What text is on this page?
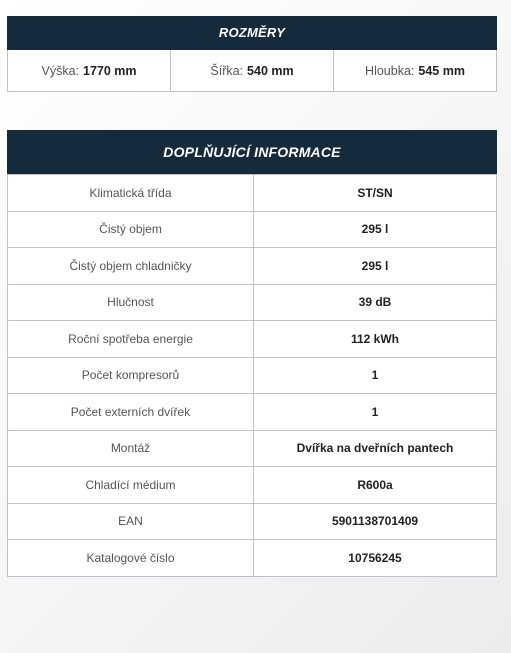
ROZMĚRY
Výška: 1770 mm	Šířka: 540 mm	Hloubka: 545 mm
DOPLŇUJÍCÍ INFORMACE
Klimatická třída	ST/SN
Čistý objem	295 l
Čistý objem chladničky	295 l
Hlučnost	39 dB
Roční spotřeba energie	112 kWh
Počet kompresorů	1
Počet externích dvířek	1
Montáž	Dvířka na dveřních pantech
Chladící médium	R600a
EAN	5901138701409
Katalogové číslo	10756245
